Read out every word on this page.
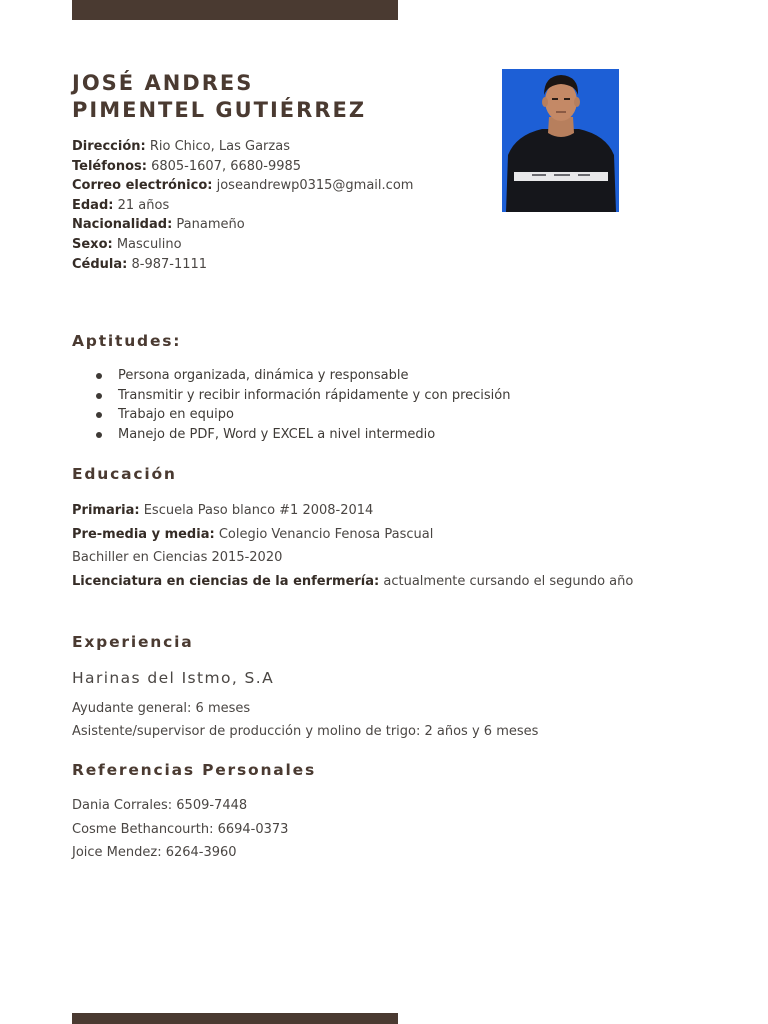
JOSÉ ANDRES
PIMENTEL GUTIÉRREZ
Dirección: Rio Chico, Las Garzas
Teléfonos: 6805-1607, 6680-9985
Correo electrónico: joseandrewp0315@gmail.com
Edad: 21 años
Nacionalidad: Panameño
Sexo: Masculino
Cédula: 8-987-1111
Aptitudes:
Persona organizada, dinámica y responsable
Transmitir y recibir información rápidamente y con precisión
Trabajo en equipo
Manejo de PDF, Word y EXCEL a nivel intermedio
Educación
Primaria: Escuela Paso blanco #1 2008-2014
Pre-media y media: Colegio Venancio Fenosa Pascual
Bachiller en Ciencias 2015-2020
Licenciatura en ciencias de la enfermería: actualmente cursando el segundo año
Experiencia
Harinas del Istmo, S.A
Ayudante general: 6 meses
Asistente/supervisor de producción y molino de trigo: 2 años y 6 meses
Referencias Personales
Dania Corrales: 6509-7448
Cosme Bethancourth: 6694-0373
Joice Mendez: 6264-3960
